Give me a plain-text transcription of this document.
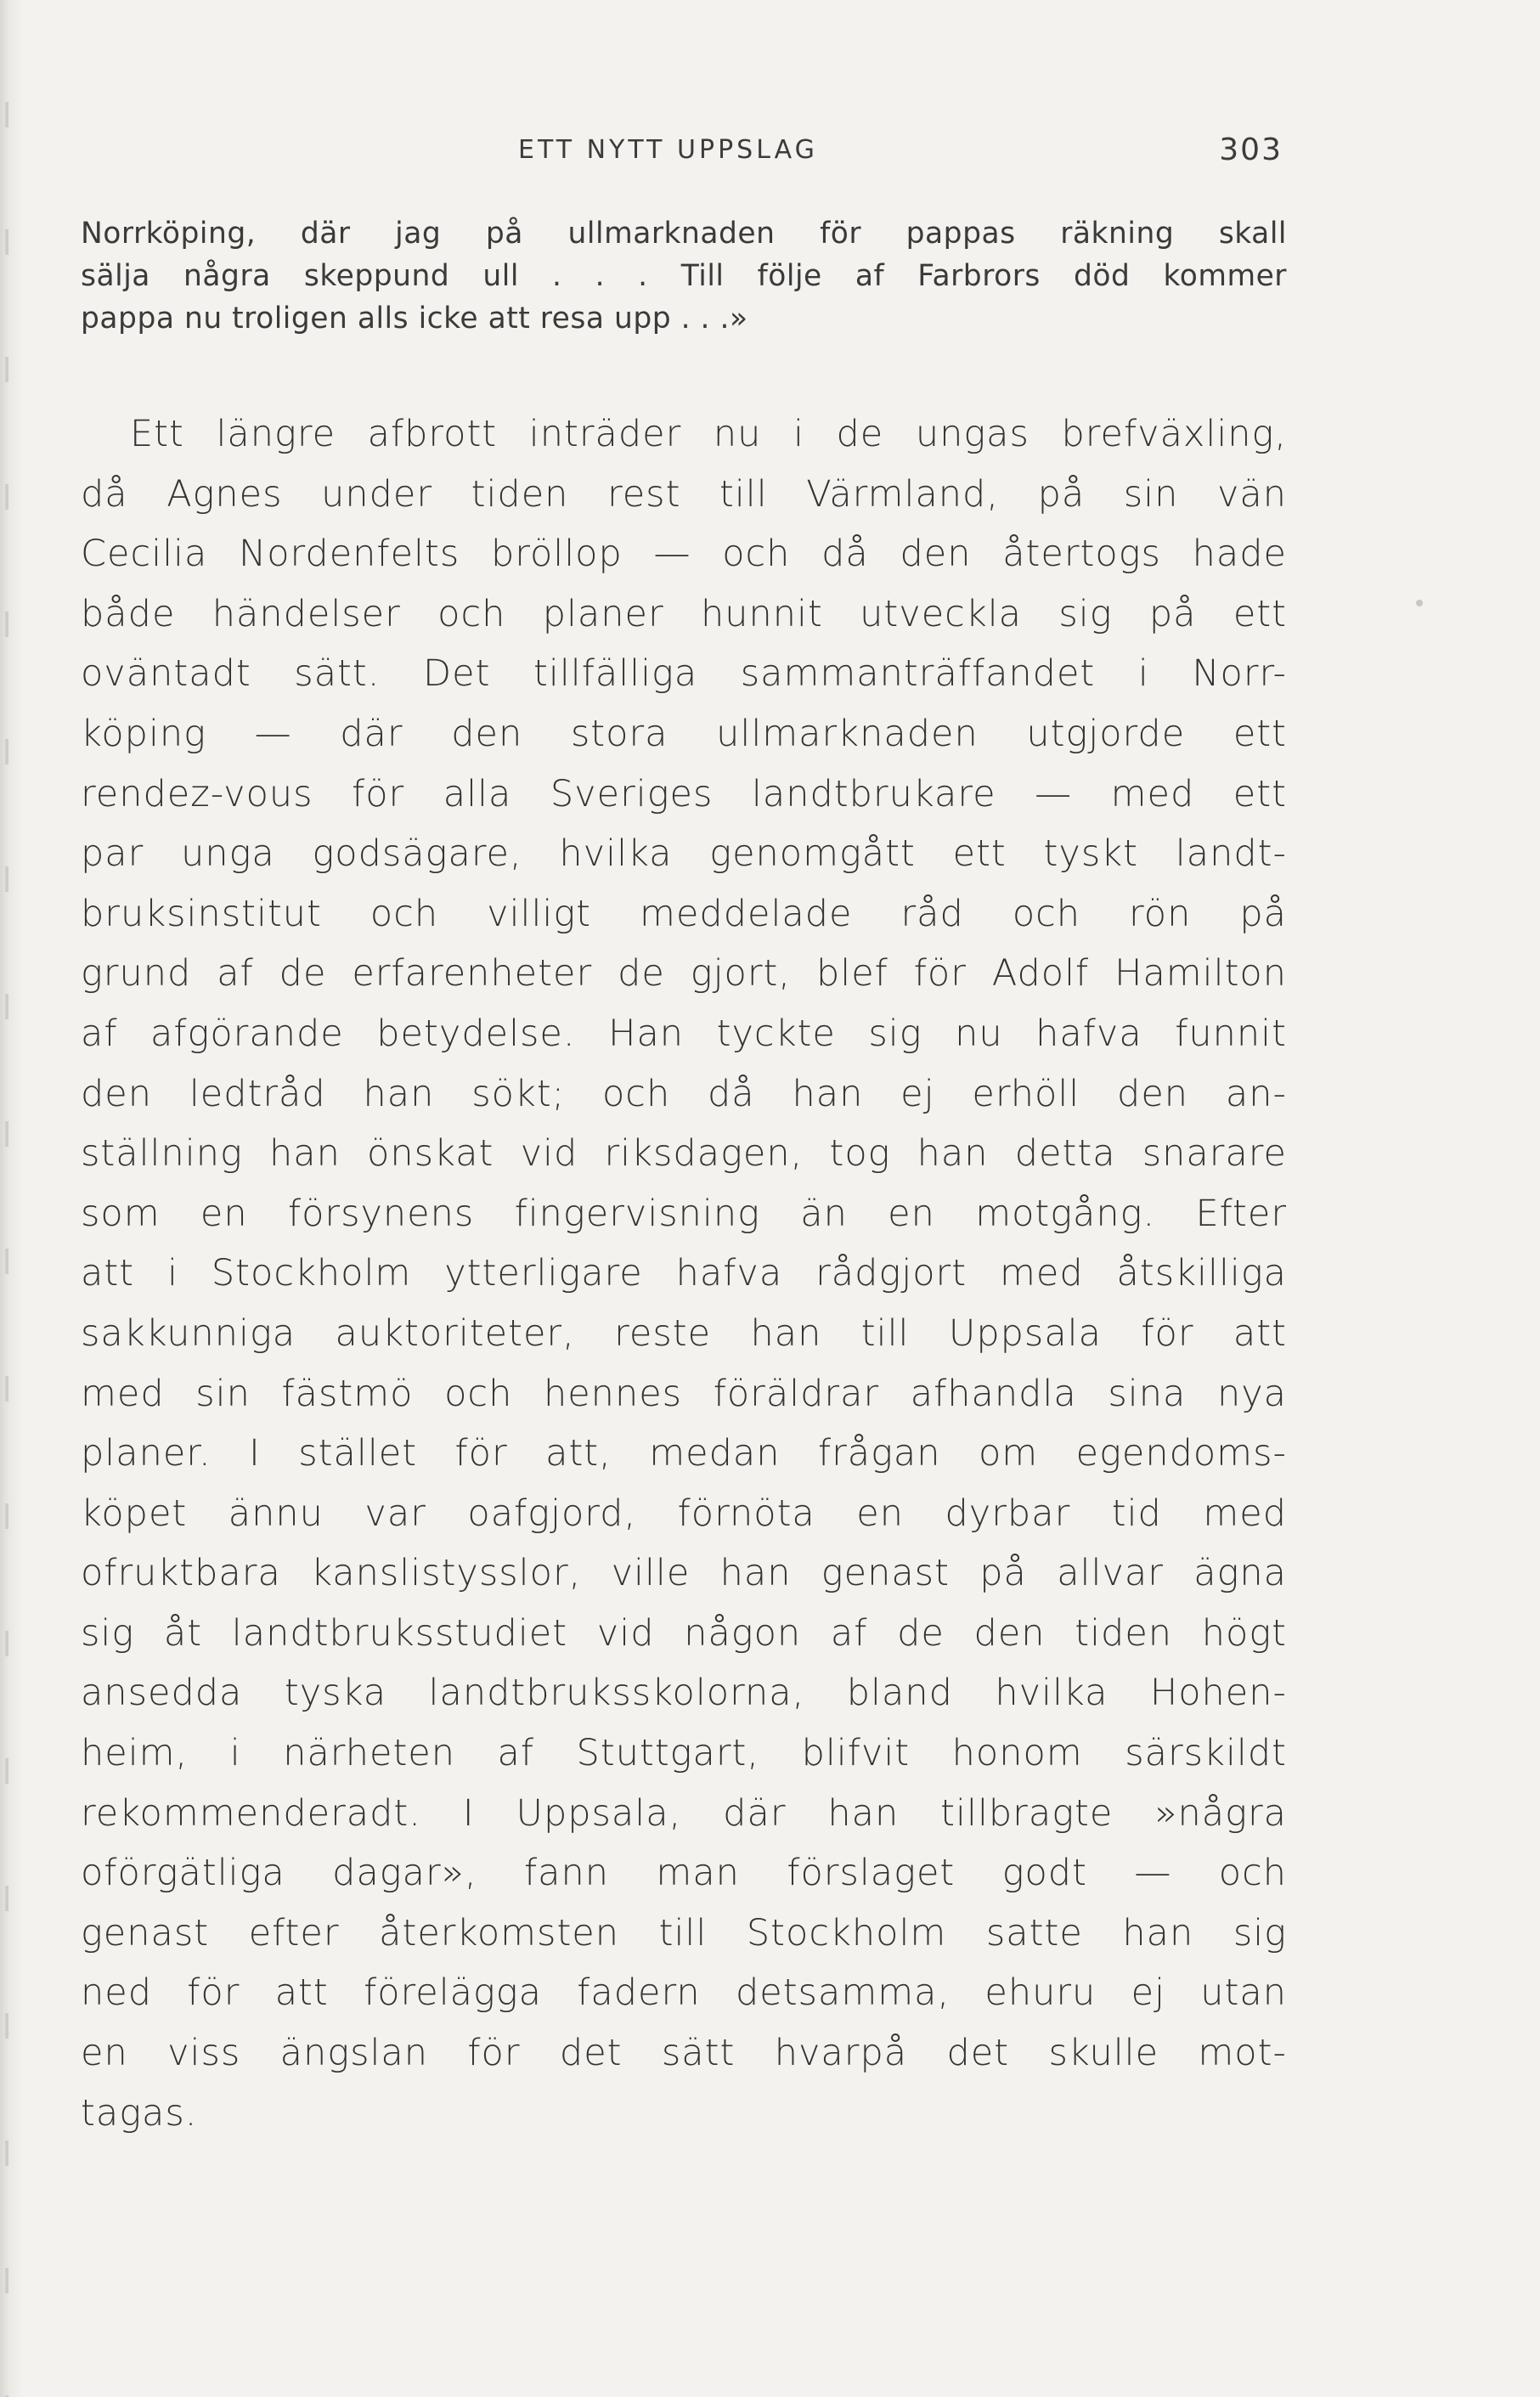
ETT NYTT UPPSLAG	303
Norrköping, där jag på ullmarknaden för pappas räkning skall
sälja några skeppund ull . . . Till följe af Farbrors död kommer
pappa nu troligen alls icke att resa upp . . .»
Ett längre afbrott inträder nu i de ungas brefväxling,
då Agnes under tiden rest till Värmland, på sin vän
Cecilia Nordenfelts bröllop — och då den återtogs hade
både händelser och planer hunnit utveckla sig på ett
oväntadt sätt. Det tillfälliga sammanträffandet i Norr-
köping — där den stora ullmarknaden utgjorde ett
rendez-vous för alla Sveriges landtbrukare — med ett
par unga godsägare, hvilka genomgått ett tyskt landt-
bruksinstitut och villigt meddelade råd och rön på
grund af de erfarenheter de gjort, blef för Adolf Hamilton
af afgörande betydelse. Han tyckte sig nu hafva funnit
den ledtråd han sökt; och då han ej erhöll den an-
ställning han önskat vid riksdagen, tog han detta snarare
som en försynens fingervisning än en motgång. Efter
att i Stockholm ytterligare hafva rådgjort med åtskilliga
sakkunniga auktoriteter, reste han till Uppsala för att
med sin fästmö och hennes föräldrar afhandla sina nya
planer. I stället för att, medan frågan om egendoms-
köpet ännu var oafgjord, förnöta en dyrbar tid med
ofruktbara kanslistysslor, ville han genast på allvar ägna
sig åt landtbruksstudiet vid någon af de den tiden högt
ansedda tyska landtbruksskolorna, bland hvilka Hohen-
heim, i närheten af Stuttgart, blifvit honom särskildt
rekommenderadt. I Uppsala, där han tillbragte »några
oförgätliga dagar», fann man förslaget godt — och
genast efter återkomsten till Stockholm satte han sig
ned för att förelägga fadern detsamma, ehuru ej utan
en viss ängslan för det sätt hvarpå det skulle mot-
tagas.
